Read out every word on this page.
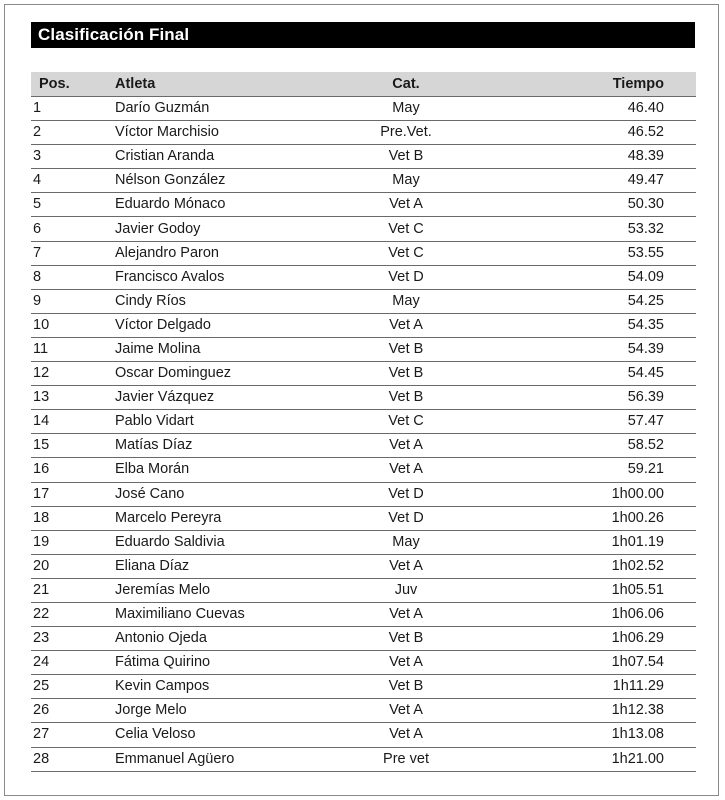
Clasificación Final
Pos.	Atleta	Cat.	Tiempo
1	Darío Guzmán	May	46.40
2	Víctor Marchisio	Pre.Vet.	46.52
3	Cristian Aranda	Vet B	48.39
4	Nélson González	May	49.47
5	Eduardo Mónaco	Vet A	50.30
6	Javier Godoy	Vet C	53.32
7	Alejandro Paron	Vet C	53.55
8	Francisco Avalos	Vet D	54.09
9	Cindy Ríos	May	54.25
10	Víctor Delgado	Vet A	54.35
11	Jaime Molina	Vet B	54.39
12	Oscar Dominguez	Vet B	54.45
13	Javier Vázquez	Vet B	56.39
14	Pablo Vidart	Vet C	57.47
15	Matías Díaz	Vet A	58.52
16	Elba Morán	Vet A	59.21
17	José Cano	Vet D	1h00.00
18	Marcelo Pereyra	Vet D	1h00.26
19	Eduardo Saldivia	May	1h01.19
20	Eliana Díaz	Vet A	1h02.52
21	Jeremías Melo	Juv	1h05.51
22	Maximiliano Cuevas	Vet A	1h06.06
23	Antonio Ojeda	Vet B	1h06.29
24	Fátima Quirino	Vet A	1h07.54
25	Kevin Campos	Vet B	1h11.29
26	Jorge Melo	Vet A	1h12.38
27	Celia Veloso	Vet A	1h13.08
28	Emmanuel Agüero	Pre vet	1h21.00
